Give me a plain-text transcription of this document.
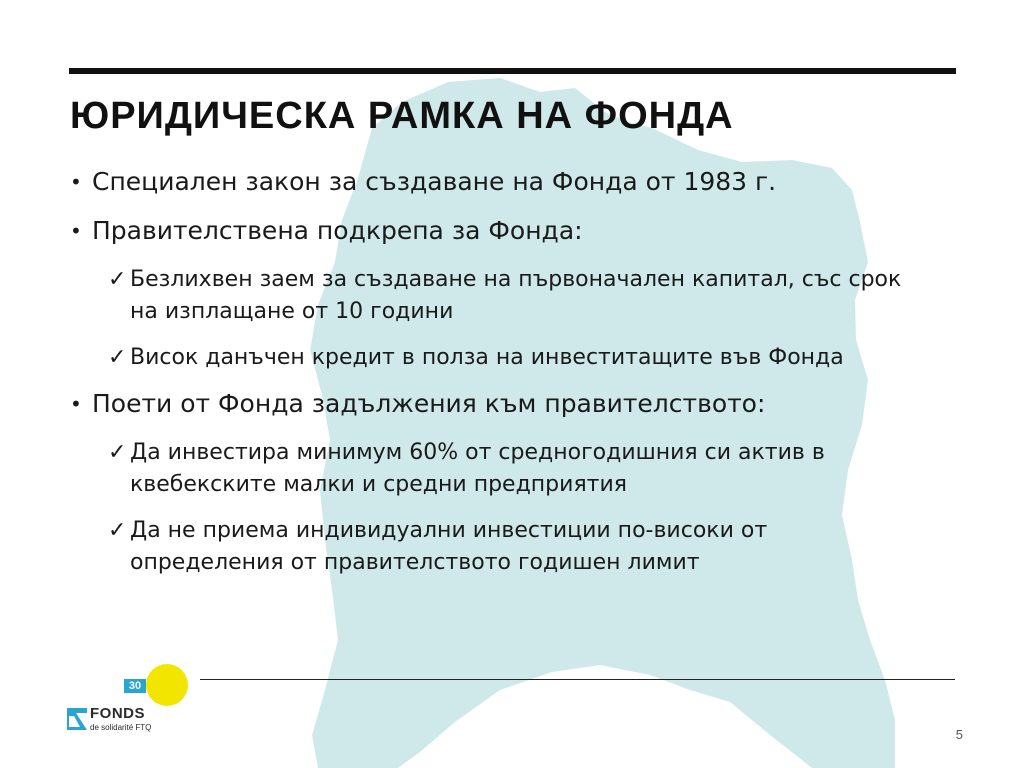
ЮРИДИЧЕСКА РАМКА НА ФОНДА
• Специален закон за създаване на Фонда от 1983 г.
• Правителствена подкрепа за Фонда:
✓ Безлихвен заем за създаване на първоначален капитал, със срок на изплащане от 10 години
✓ Висок данъчен кредит в полза на инвеститащите във Фонда
• Поети от Фонда задължения към правителството:
✓ Да инвестира минимум 60% от средногодишния си актив в квебекските малки и средни предприятия
✓ Да не приема индивидуални инвестиции по-високи от определения от правителството годишен лимит
30
FONDS
de solidarité FTQ	5
